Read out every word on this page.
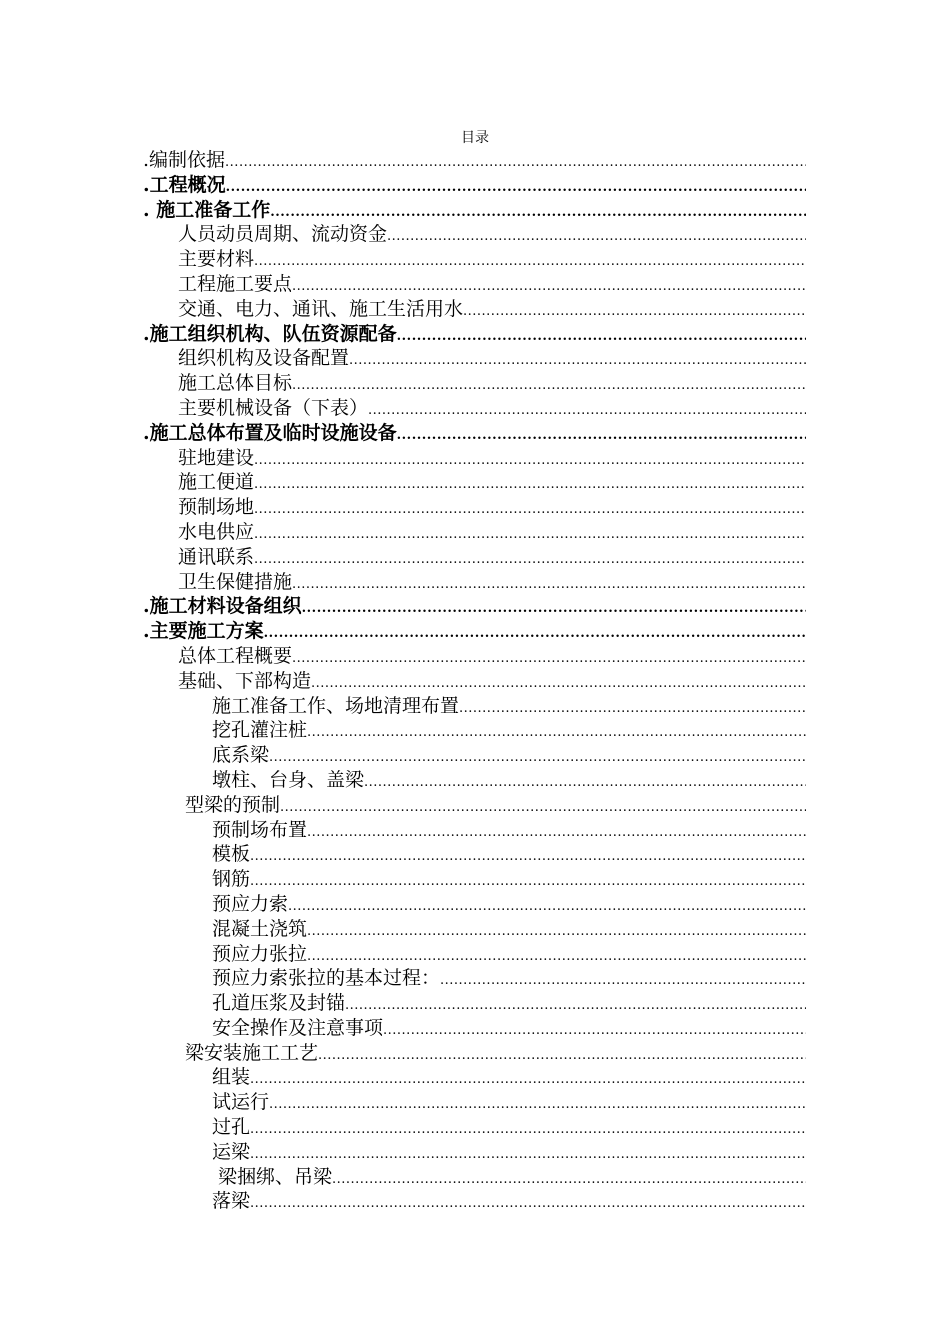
目录
.编制依据
.....
.工程概况
.....
. 施工准备工作
.....
人员动员周期、流动资金
.....
主要材料
.....
工程施工要点
.....
交通、电力、通讯、施工生活用水
.....
.施工组织机构、队伍资源配备
.....
组织机构及设备配置
.....
施工总体目标
.....
主要机械设备（下表）
.....
.施工总体布置及临时设施设备
.....
驻地建设
.....
施工便道
.....
预制场地
.....
水电供应
.....
通讯联系
.....
卫生保健措施
.....
.施工材料设备组织
.....
.主要施工方案
.....
总体工程概要
.....
基础、下部构造
.....
施工准备工作、场地清理布置
.....
挖孔灌注桩
.....
底系梁
.....
墩柱、台身、盖梁
.....
型梁的预制
.....
预制场布置
.....
模板
.....
钢筋
.....
预应力索
.....
混凝土浇筑
.....
预应力张拉
.....
预应力索张拉的基本过程：
.....
孔道压浆及封锚
.....
安全操作及注意事项
.....
梁安装施工工艺
.....
组装
.....
试运行
.....
过孔
.....
运梁
.....
梁捆绑、吊梁
.....
落梁
.....
